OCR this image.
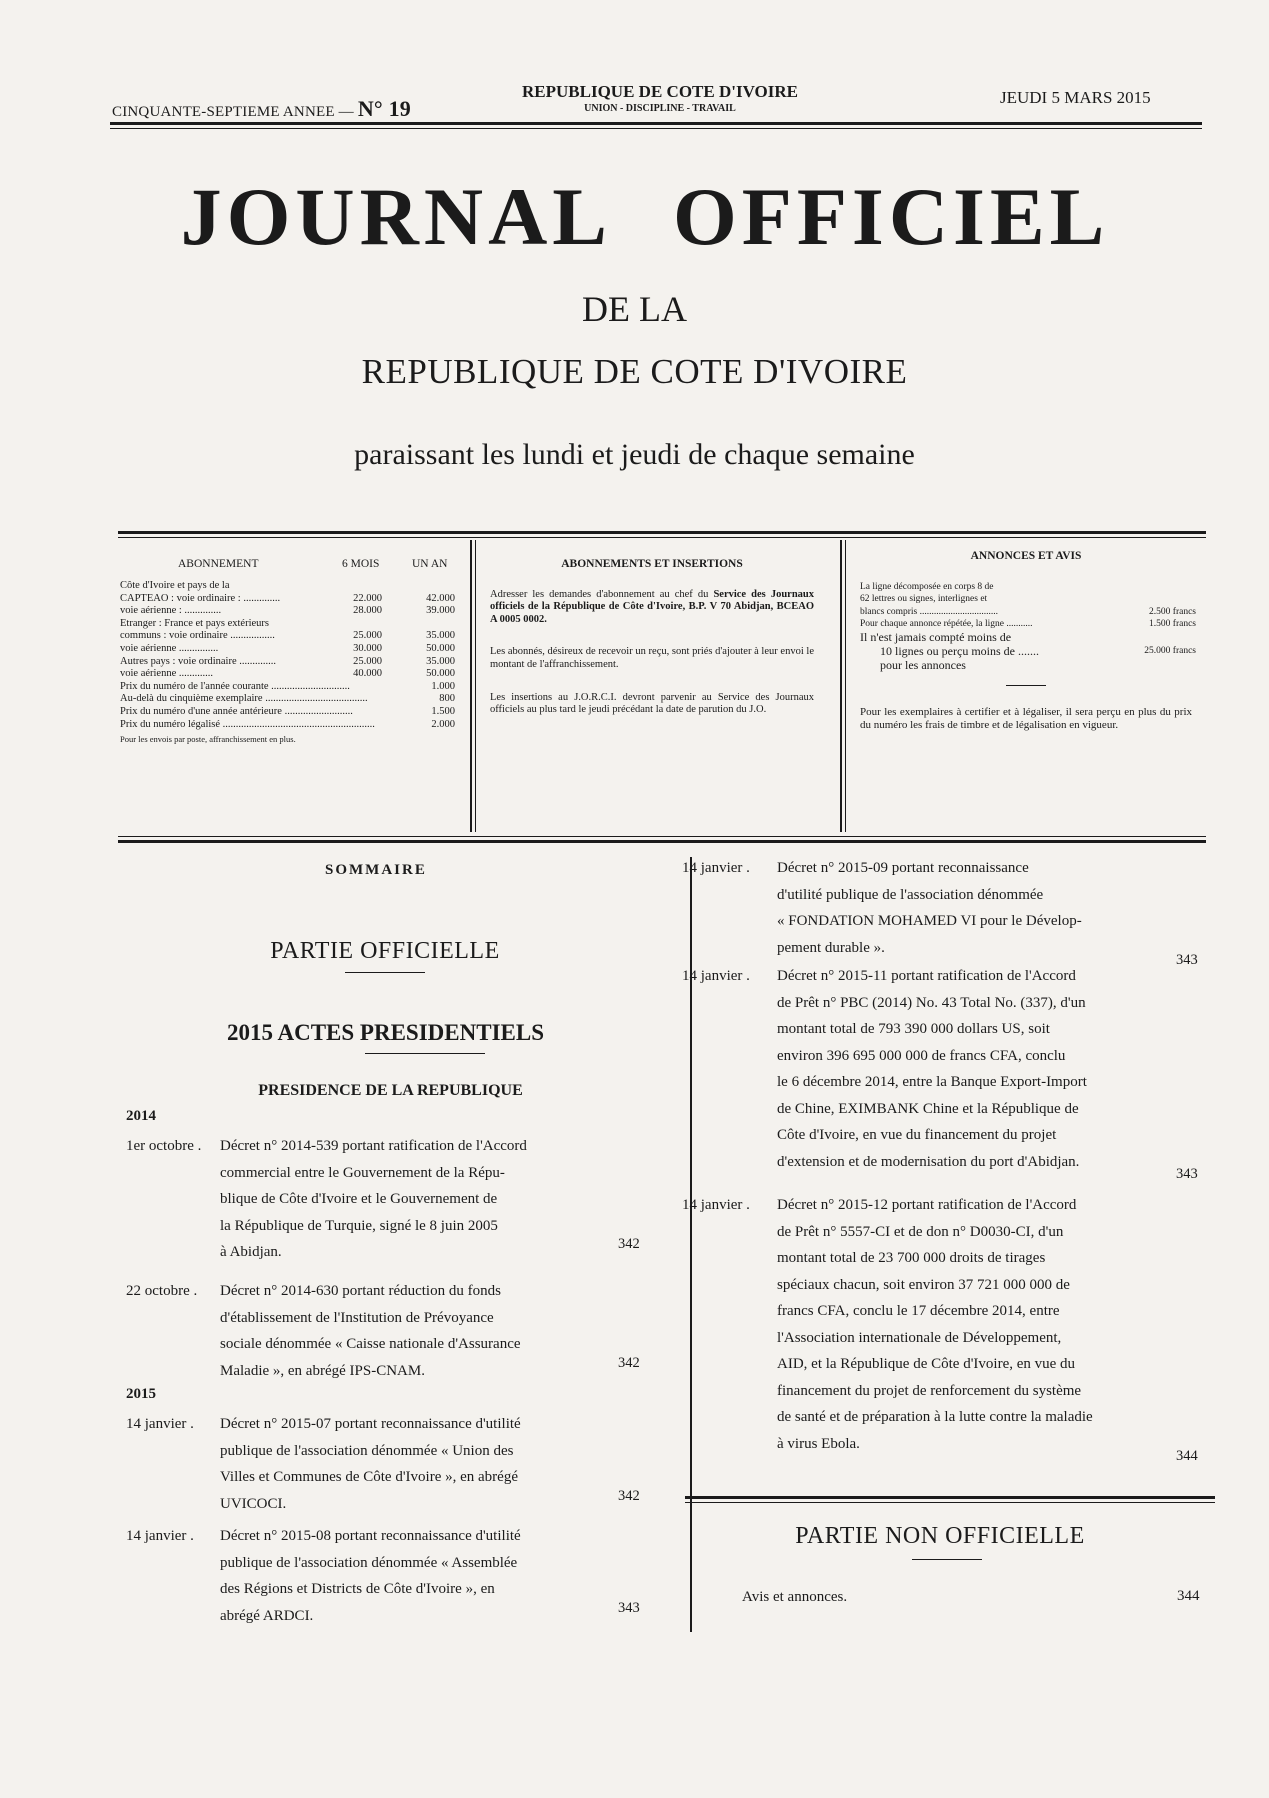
CINQUANTE-SEPTIEME ANNEE — N° 19
REPUBLIQUE DE COTE D'IVOIRE
UNION - DISCIPLINE - TRAVAIL
JEUDI 5 MARS 2015
JOURNAL OFFICIEL
DE LA
REPUBLIQUE DE COTE D'IVOIRE
paraissant les lundi et jeudi de chaque semaine
ABONNEMENT	6 MOIS	UN AN
Côte d'Ivoire et pays de la
CAPTEAO : voie ordinaire : ..............	22.000	42.000
voie aérienne : ..............	28.000	39.000
Etranger : France et pays extérieurs
communs : voie ordinaire .................	25.000	35.000
voie aérienne ...............	30.000	50.000
Autres pays : voie ordinaire ..............	25.000	35.000
voie aérienne .............	40.000	50.000
Prix du numéro de l'année courante ..............................	1.000
Au-delà du cinquième exemplaire .......................................	800
Prix du numéro d'une année antérieure ..........................	1.500
Prix du numéro légalisé ..........................................................	2.000
Pour les envois par poste, affranchissement en plus.
ABONNEMENTS ET INSERTIONS
Adresser les demandes d'abonnement au chef du Service des Journaux officiels de la République de Côte d'Ivoire, B.P. V 70 Abidjan, BCEAO A 0005 0002.
Les abonnés, désireux de recevoir un reçu, sont priés d'ajouter à leur envoi le montant de l'affranchissement.
Les insertions au J.O.R.C.I. devront parvenir au Service des Journaux officiels au plus tard le jeudi précédant la date de parution du J.O.
ANNONCES ET AVIS
La ligne décomposée en corps 8 de
62 lettres ou signes, interlignes et
blancs compris .................................	2.500 francs
Pour chaque annonce répétée, la ligne ...........	1.500 francs
Il n'est jamais compté moins de
10 lignes ou perçu moins de .......	25.000 francs
pour les annonces
Pour les exemplaires à certifier et à légaliser, il sera perçu en plus du prix du numéro les frais de timbre et de légalisation en vigueur.
SOMMAIRE
PARTIE OFFICIELLE
2015 ACTES PRESIDENTIELS
PRESIDENCE DE LA REPUBLIQUE
2014
2015
1er octobre . Décret n° 2014-539 portant ratification de l'Accord
commercial entre le Gouvernement de la Répu-
blique de Côte d'Ivoire et le Gouvernement de
la République de Turquie, signé le 8 juin 2005
à Abidjan.	342
22 octobre . Décret n° 2014-630 portant réduction du fonds
d'établissement de l'Institution de Prévoyance
sociale dénommée « Caisse nationale d'Assurance
Maladie », en abrégé IPS-CNAM.	342
14 janvier . Décret n° 2015-07 portant reconnaissance d'utilité
publique de l'association dénommée « Union des
Villes et Communes de Côte d'Ivoire », en abrégé
UVICOCI.	342
14 janvier . Décret n° 2015-08 portant reconnaissance d'utilité
publique de l'association dénommée « Assemblée
des Régions et Districts de Côte d'Ivoire », en
abrégé ARDCI.	343
14 janvier . Décret n° 2015-09 portant reconnaissance
d'utilité publique de l'association dénommée
« FONDATION MOHAMED VI pour le Dévelop-
pement durable ».
343
14 janvier . Décret n° 2015-11 portant ratification de l'Accord
de Prêt n° PBC (2014) No. 43 Total No. (337), d'un
montant total de 793 390 000 dollars US, soit
environ 396 695 000 000 de francs CFA, conclu
le 6 décembre 2014, entre la Banque Export-Import
de Chine, EXIMBANK Chine et la République de
Côte d'Ivoire, en vue du financement du projet
d'extension et de modernisation du port d'Abidjan.
343
14 janvier . Décret n° 2015-12 portant ratification de l'Accord
de Prêt n° 5557-CI et de don n° D0030-CI, d'un
montant total de 23 700 000 droits de tirages
spéciaux chacun, soit environ 37 721 000 000 de
francs CFA, conclu le 17 décembre 2014, entre
l'Association internationale de Développement,
AID, et la République de Côte d'Ivoire, en vue du
financement du projet de renforcement du système
de santé et de préparation à la lutte contre la maladie
à virus Ebola.
344
PARTIE NON OFFICIELLE
Avis et annonces.	344
